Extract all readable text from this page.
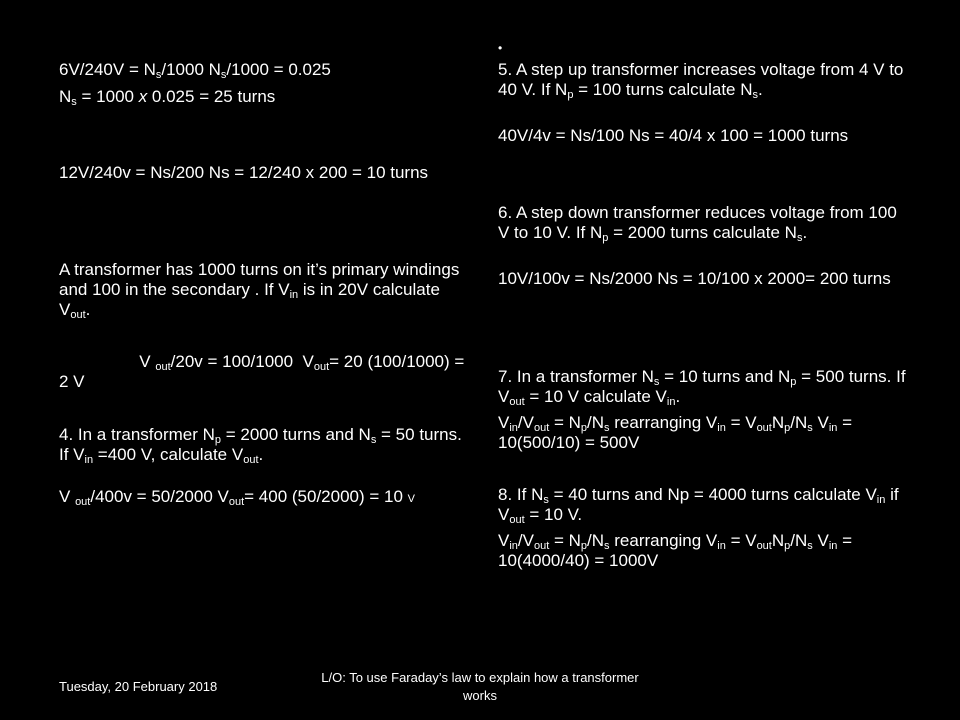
$6V/240V = N_s/1000$ $N_s/1000 = 0.025$

$N_s = 1000$ x 0.025 = 25 turns

12V/240v = Ns/200 Ns = 12/240 x 200 = 10 turns

A transformer has 1000 turns on it’s primary windings and 100 in the secondary . If $V_{in}$ is in 20V calculate $V_{out}$.

V $_{out}$/20v = 100/1000  $V_{out}= 20$ (100/1000) = 2 V

4. In a transformer $N_p = 2000$ turns and $N_s = 50$ turns. If $V_{in} =400$ V, calculate $V_{out}$.

V $_{out}$/400v = 50/2000 $V_{out}= 400$ (50/2000) = 10 V

•

5. A step up transformer increases voltage from 4 V to 40 V. If $N_p = 100$ turns calculate $N_s$.

40V/4v = Ns/100 Ns = 40/4 x 100 = 1000 turns

6. A step down transformer reduces voltage from 100 V to 10 V. If $N_p = 2000$ turns calculate $N_s$.

10V/100v = Ns/2000 Ns = 10/100 x 2000= 200 turns

7. In a transformer $N_s = 10$ turns and $N_p = 500$ turns. If $V_{out} = 10$ V calculate $V_{in}$.

$V_{in}/V_{out} = N_p/N_s$ rearranging $V_{in} = V_{out}N_p/N_s$ $V_{in} = 10(500/10) = 500V$

8. If $N_s = 40$ turns and Np = 4000 turns calculate $V_{in}$ if $V_{out} = 10$ V.

$V_{in}/V_{out} = N_p/N_s$ rearranging $V_{in} = V_{out}N_p/N_s$ $V_{in} = 10(4000/40) = 1000V$

Tuesday, 20 February 2018
L/O: To use Faraday’s law to explain how a transformer works
